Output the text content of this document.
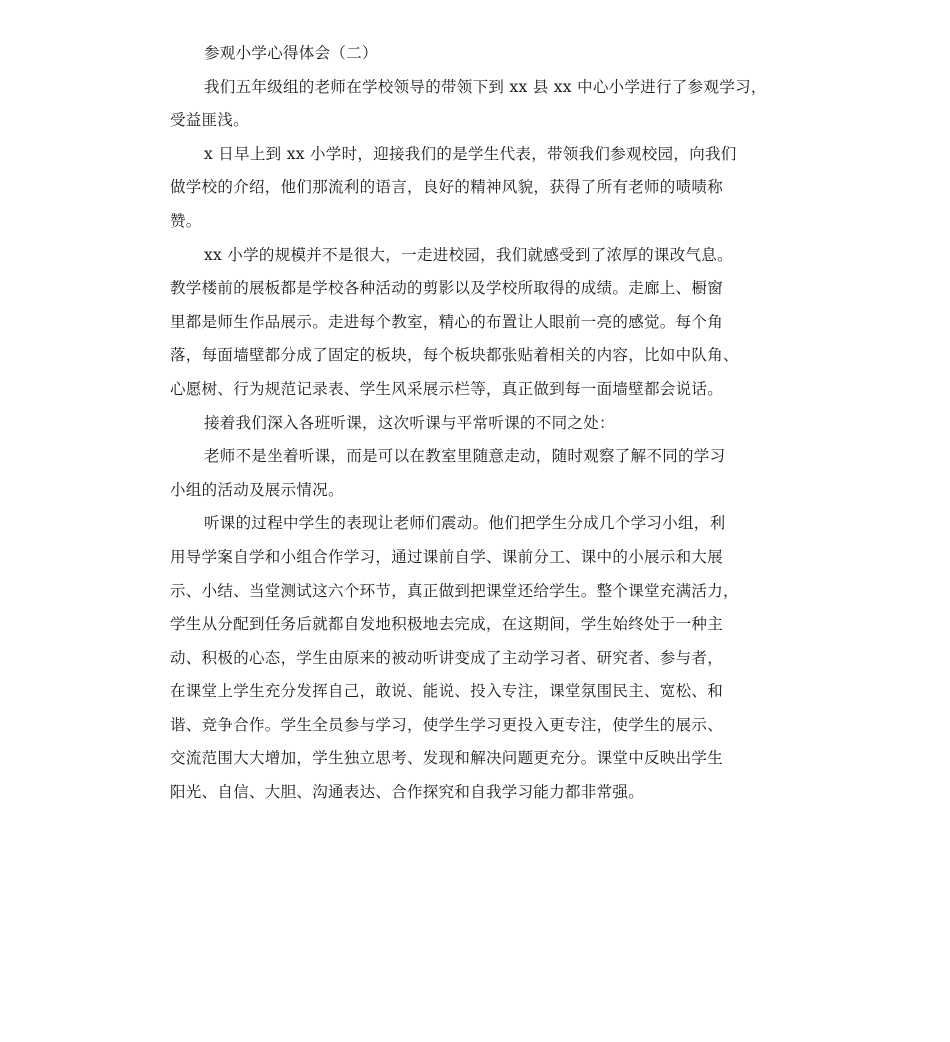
参观小学心得体会（二）
我们五年级组的老师在学校领导的带领下到 xx 县 xx 中心小学进行了参观学习，
受益匪浅。
x 日早上到 xx 小学时，迎接我们的是学生代表，带领我们参观校园，向我们
做学校的介绍，他们那流利的语言，良好的精神风貌，获得了所有老师的啧啧称
赞。
xx 小学的规模并不是很大，一走进校园，我们就感受到了浓厚的课改气息。
教学楼前的展板都是学校各种活动的剪影以及学校所取得的成绩。走廊上、橱窗
里都是师生作品展示。走进每个教室，精心的布置让人眼前一亮的感觉。每个角
落，每面墙壁都分成了固定的板块，每个板块都张贴着相关的内容，比如中队角、
心愿树、行为规范记录表、学生风采展示栏等，真正做到每一面墙壁都会说话。
接着我们深入各班听课，这次听课与平常听课的不同之处：
老师不是坐着听课，而是可以在教室里随意走动，随时观察了解不同的学习
小组的活动及展示情况。
听课的过程中学生的表现让老师们震动。他们把学生分成几个学习小组，利
用导学案自学和小组合作学习，通过课前自学、课前分工、课中的小展示和大展
示、小结、当堂测试这六个环节，真正做到把课堂还给学生。整个课堂充满活力，
学生从分配到任务后就都自发地积极地去完成，在这期间，学生始终处于一种主
动、积极的心态，学生由原来的被动听讲变成了主动学习者、研究者、参与者，
在课堂上学生充分发挥自己，敢说、能说、投入专注，课堂氛围民主、宽松、和
谐、竞争合作。学生全员参与学习，使学生学习更投入更专注，使学生的展示、
交流范围大大增加，学生独立思考、发现和解决问题更充分。课堂中反映出学生
阳光、自信、大胆、沟通表达、合作探究和自我学习能力都非常强。
